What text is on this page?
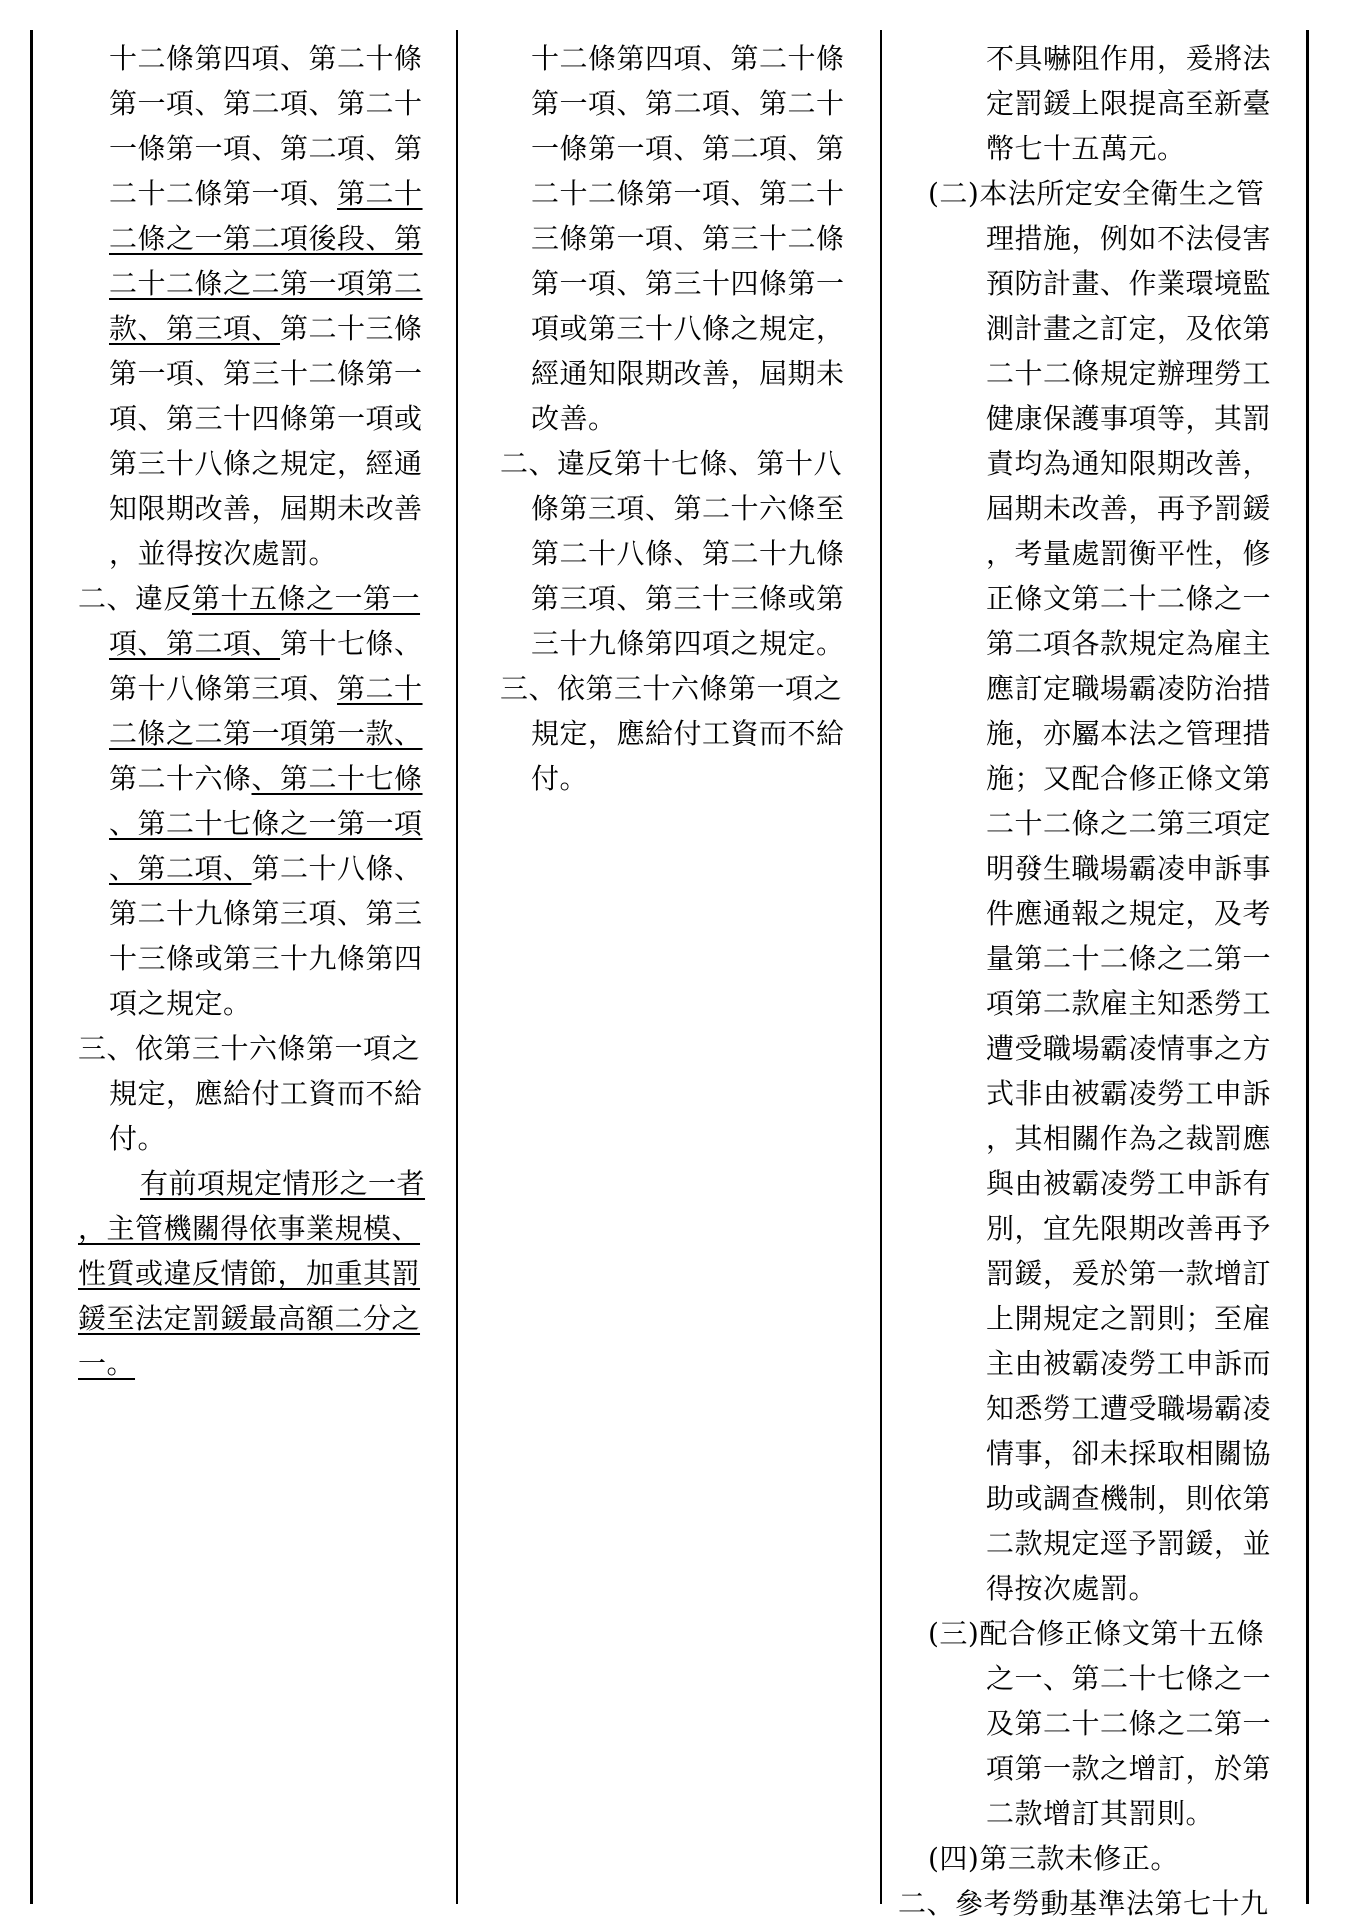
十二條第四項、第二十條
第一項、第二項、第二十
一條第一項、第二項、第
二十二條第一項、第二十
二條之一第二項後段、第
二十二條之二第一項第二
款、第三項、第二十三條
第一項、第三十二條第一
項、第三十四條第一項或
第三十八條之規定，經通
知限期改善，屆期未改善
，並得按次處罰。
二、違反第十五條之一第一
項、第二項、第十七條、
第十八條第三項、第二十
二條之二第一項第一款、
第二十六條、第二十七條
、第二十七條之一第一項
、第二項、第二十八條、
第二十九條第三項、第三
十三條或第三十九條第四
項之規定。
三、依第三十六條第一項之
規定，應給付工資而不給
付。
有前項規定情形之一者
，主管機關得依事業規模、
性質或違反情節，加重其罰
鍰至法定罰鍰最高額二分之
一。
十二條第四項、第二十條
第一項、第二項、第二十
一條第一項、第二項、第
二十二條第一項、第二十
三條第一項、第三十二條
第一項、第三十四條第一
項或第三十八條之規定，
經通知限期改善，屆期未
改善。
二、違反第十七條、第十八
條第三項、第二十六條至
第二十八條、第二十九條
第三項、第三十三條或第
三十九條第四項之規定。
三、依第三十六條第一項之
規定，應給付工資而不給
付。
不具嚇阻作用，爰將法
定罰鍰上限提高至新臺
幣七十五萬元。
(二)本法所定安全衛生之管
理措施，例如不法侵害
預防計畫、作業環境監
測計畫之訂定，及依第
二十二條規定辦理勞工
健康保護事項等，其罰
責均為通知限期改善，
屆期未改善，再予罰鍰
，考量處罰衡平性，修
正條文第二十二條之一
第二項各款規定為雇主
應訂定職場霸凌防治措
施，亦屬本法之管理措
施；又配合修正條文第
二十二條之二第三項定
明發生職場霸凌申訴事
件應通報之規定，及考
量第二十二條之二第一
項第二款雇主知悉勞工
遭受職場霸凌情事之方
式非由被霸凌勞工申訴
，其相關作為之裁罰應
與由被霸凌勞工申訴有
別，宜先限期改善再予
罰鍰，爰於第一款增訂
上開規定之罰則；至雇
主由被霸凌勞工申訴而
知悉勞工遭受職場霸凌
情事，卻未採取相關協
助或調查機制，則依第
二款規定逕予罰鍰，並
得按次處罰。
(三)配合修正條文第十五條
之一、第二十七條之一
及第二十二條之二第一
項第一款之增訂，於第
二款增訂其罰則。
(四)第三款未修正。
二、參考勞動基準法第七十九
